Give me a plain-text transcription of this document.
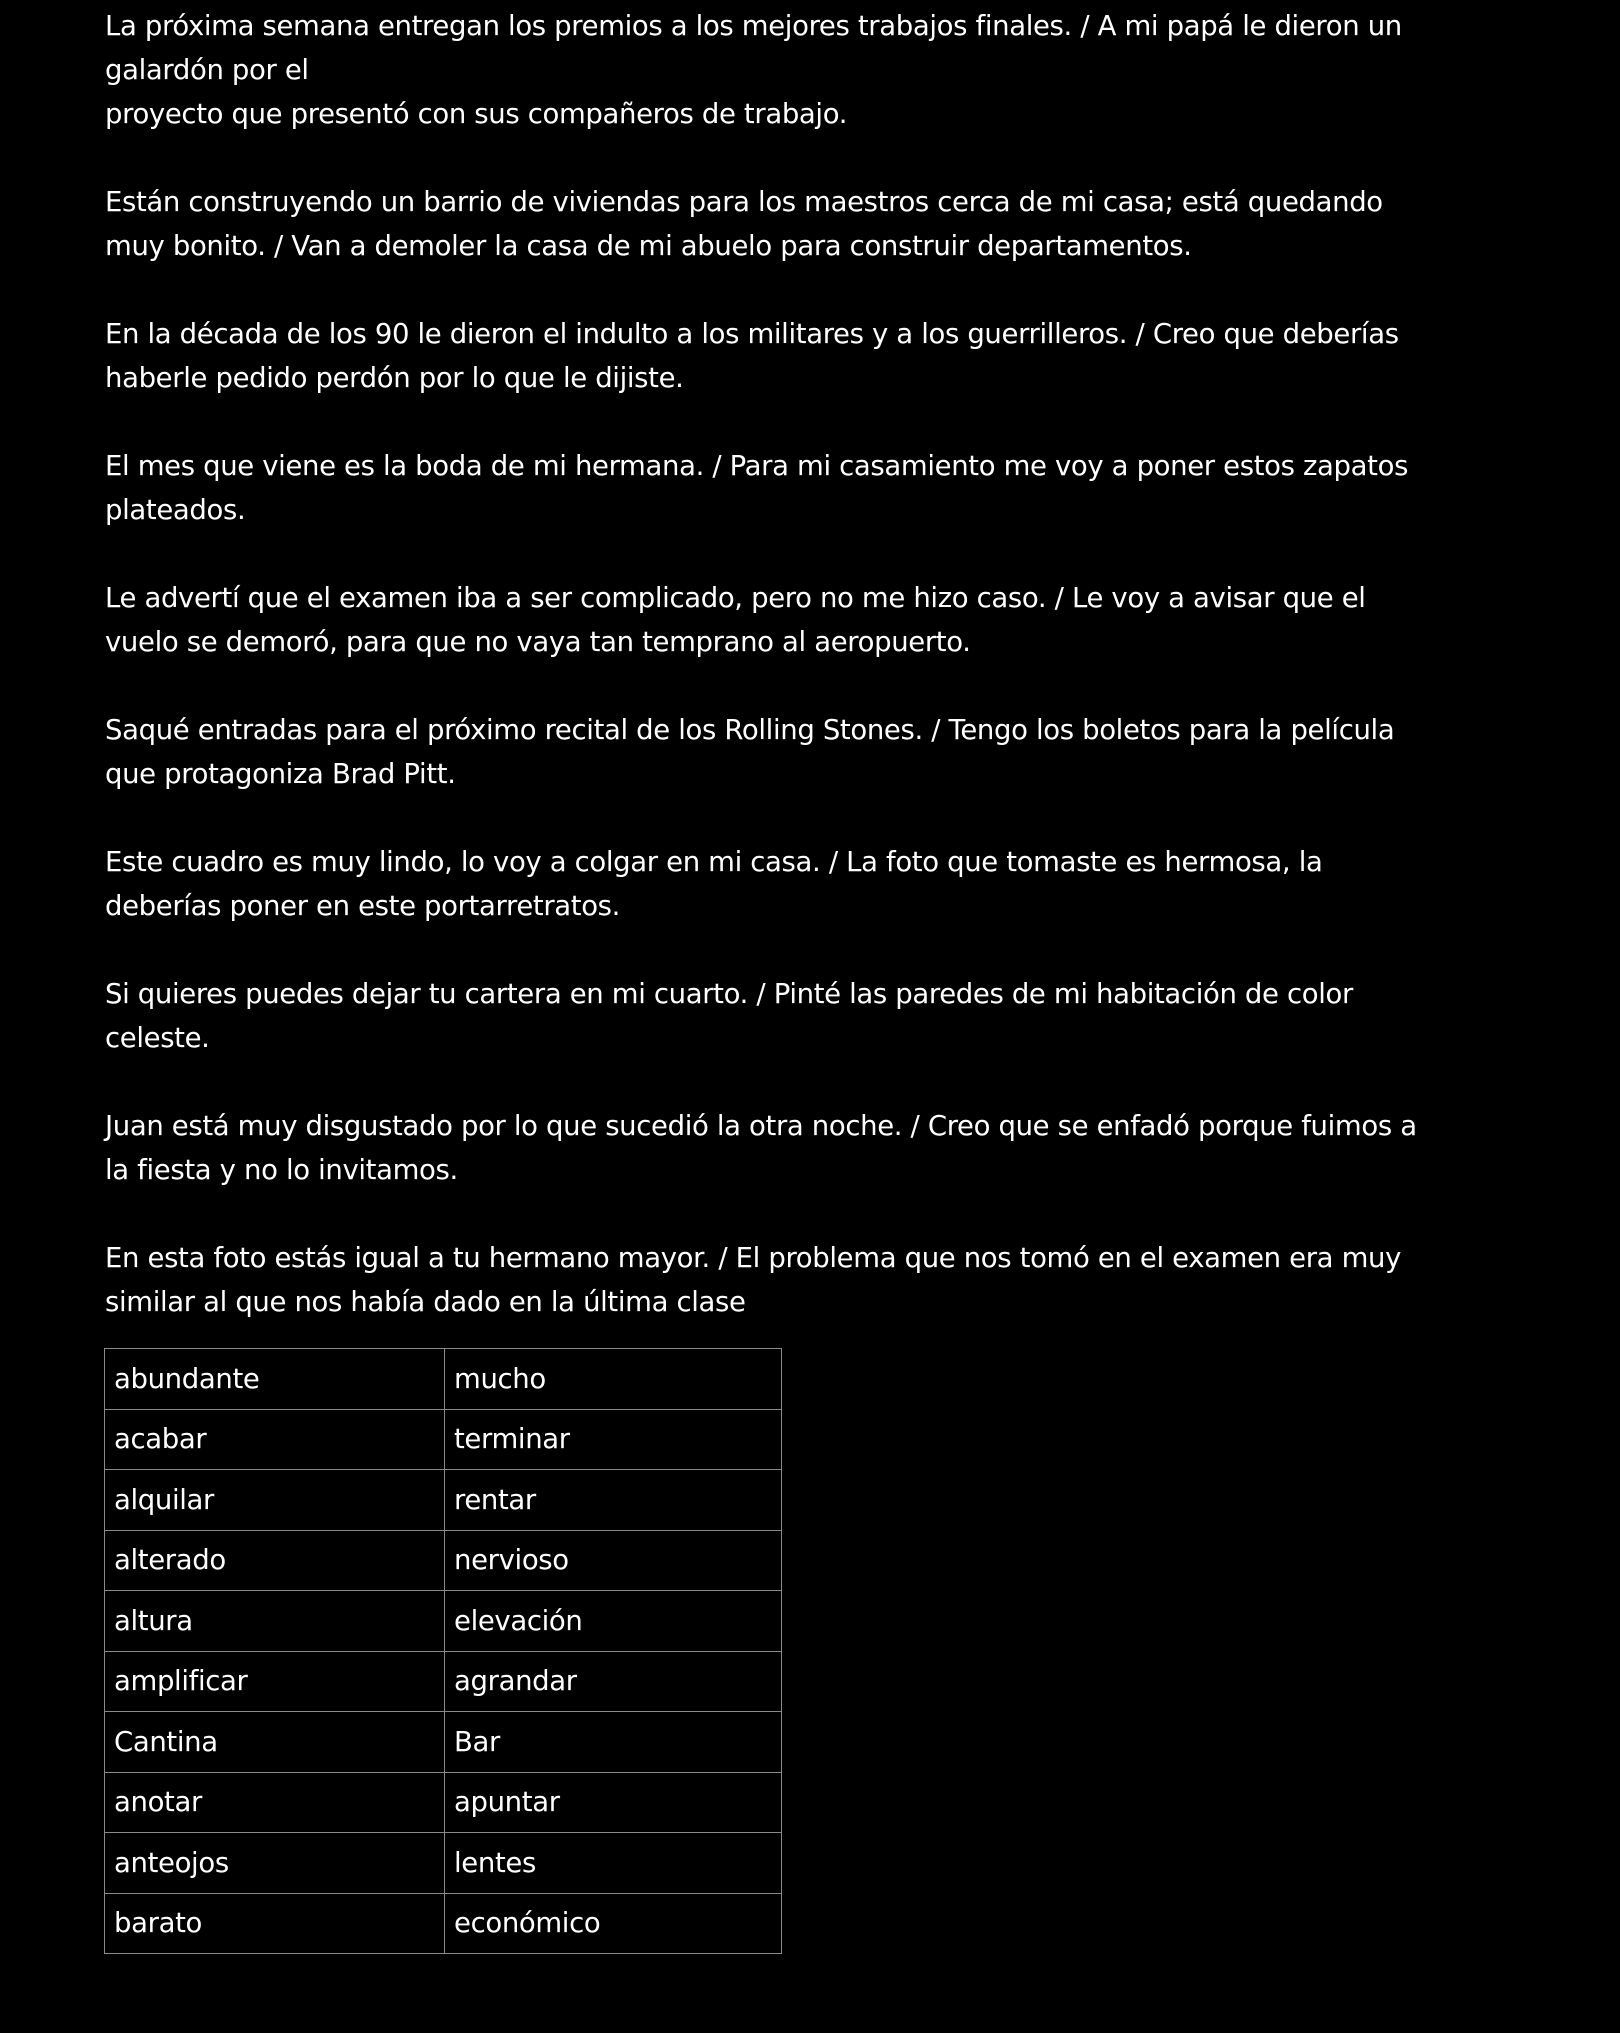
La próxima semana entregan los premios a los mejores trabajos finales. / A mi papá le dieron un galardón por el
proyecto que presentó con sus compañeros de trabajo.

Están construyendo un barrio de viviendas para los maestros cerca de mi casa; está quedando muy bonito. / Van a demoler la casa de mi abuelo para construir departamentos.

En la década de los 90 le dieron el indulto a los militares y a los guerrilleros. / Creo que deberías haberle pedido perdón por lo que le dijiste.

El mes que viene es la boda de mi hermana. / Para mi casamiento me voy a poner estos zapatos plateados.

Le advertí que el examen iba a ser complicado, pero no me hizo caso. / Le voy a avisar que el vuelo se demoró, para que no vaya tan temprano al aeropuerto.

Saqué entradas para el próximo recital de los Rolling Stones. / Tengo los boletos para la película que protagoniza Brad Pitt.

Este cuadro es muy lindo, lo voy a colgar en mi casa. / La foto que tomaste es hermosa, la deberías poner en este portarretratos.

Si quieres puedes dejar tu cartera en mi cuarto. / Pinté las paredes de mi habitación de color celeste.

Juan está muy disgustado por lo que sucedió la otra noche. / Creo que se enfadó porque fuimos a la fiesta y no lo invitamos.

En esta foto estás igual a tu hermano mayor. / El problema que nos tomó en el examen era muy similar al que nos había dado en la última clase

abundante	mucho
acabar	terminar
alquilar	rentar
alterado	nervioso
altura	elevación
amplificar	agrandar
Cantina	Bar
anotar	apuntar
anteojos	lentes
barato	económico
